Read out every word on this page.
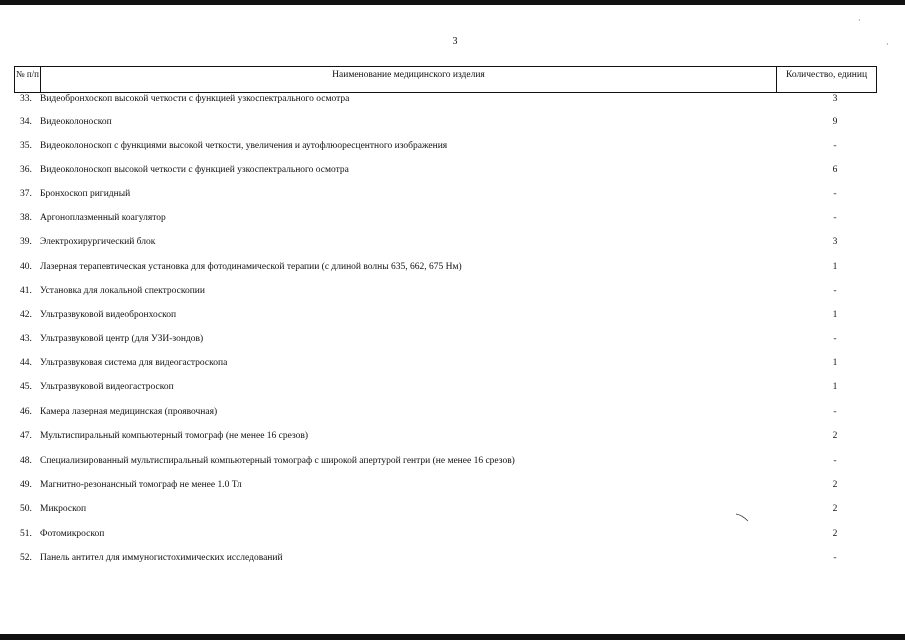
·
·
3
№ п/п	Наименование медицинского изделия	Количество, единиц
33. Видеобронхоскоп высокой четкости с функцией узкоспектрального осмотра	3
34. Видеоколоноскоп	9
35. Видеоколоноскоп с функциями высокой четкости, увеличения и аутофлюоресцентного изображения	-
36. Видеоколоноскоп высокой четкости с функцией узкоспектрального осмотра	6
37. Бронхоскоп ригидный	-
38. Аргоноплазменный коагулятор	-
39. Электрохирургический блок	3
40. Лазерная терапевтическая установка для фотодинамической терапии (с длиной волны 635, 662, 675 Нм)	1
41. Установка для локальной спектроскопии	-
42. Ультразвуковой видеобронхоскоп	1
43. Ультразвуковой центр (для УЗИ-зондов)	-
44. Ультразвуковая система для видеогастроскопа	1
45. Ультразвуковой видеогастроскоп	1
46. Камера лазерная медицинская (проявочная)	-
47. Мультиспиральный компьютерный томограф (не менее 16 срезов)	2
48. Специализированный мультиспиральный компьютерный томограф с широкой апертурой гентри (не менее 16 срезов)	-
49. Магнитно-резонансный томограф не менее 1.0 Тл	2
50. Микроскоп	2
51. Фотомикроскоп	2
52. Панель антител для иммуногистохимических исследований	-
